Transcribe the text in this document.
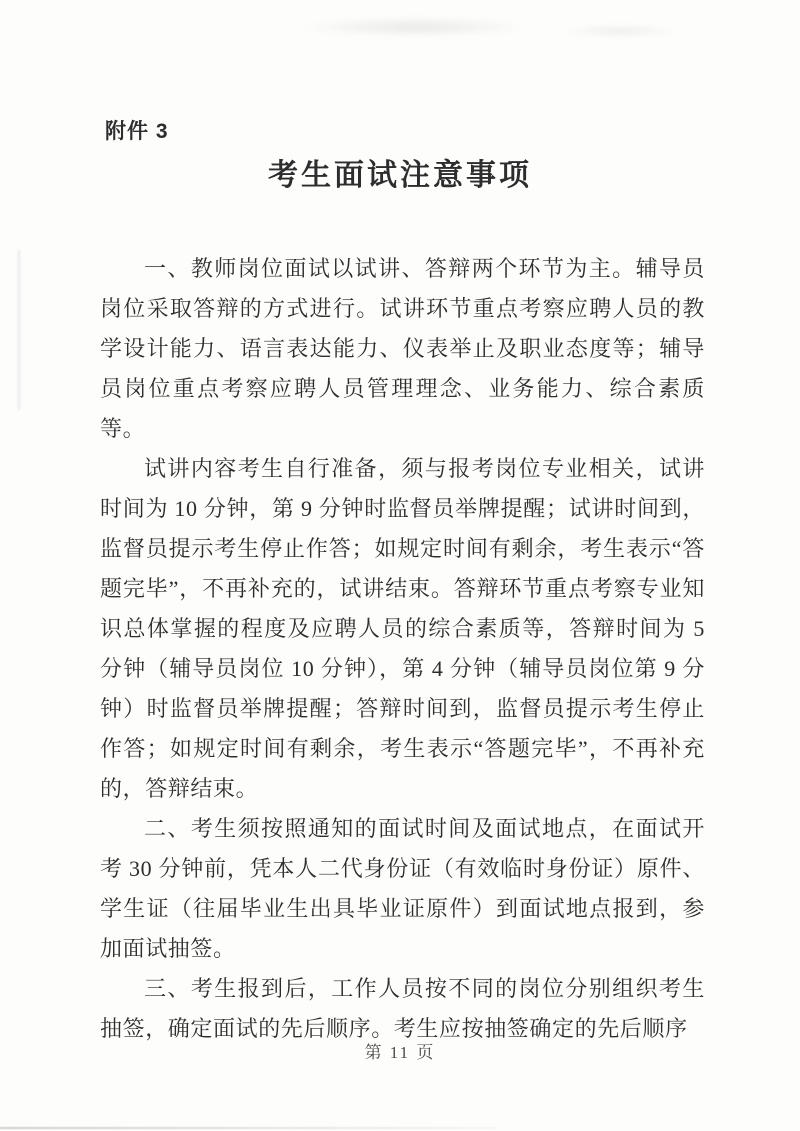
附件 3
考生面试注意事项

一、教师岗位面试以试讲、答辩两个环节为主。辅导员岗位采取答辩的方式进行。试讲环节重点考察应聘人员的教学设计能力、语言表达能力、仪表举止及职业态度等；辅导员岗位重点考察应聘人员管理理念、业务能力、综合素质等。

试讲内容考生自行准备，须与报考岗位专业相关，试讲时间为 10 分钟，第 9 分钟时监督员举牌提醒；试讲时间到，监督员提示考生停止作答；如规定时间有剩余，考生表示“答题完毕”，不再补充的，试讲结束。答辩环节重点考察专业知识总体掌握的程度及应聘人员的综合素质等，答辩时间为 5 分钟（辅导员岗位 10 分钟），第 4 分钟（辅导员岗位第 9 分钟）时监督员举牌提醒；答辩时间到，监督员提示考生停止作答；如规定时间有剩余，考生表示“答题完毕”，不再补充的，答辩结束。

二、考生须按照通知的面试时间及面试地点，在面试开考 30 分钟前，凭本人二代身份证（有效临时身份证）原件、学生证（往届毕业生出具毕业证原件）到面试地点报到，参加面试抽签。

三、考生报到后，工作人员按不同的岗位分别组织考生抽签，确定面试的先后顺序。考生应按抽签确定的先后顺序

第 11 页
